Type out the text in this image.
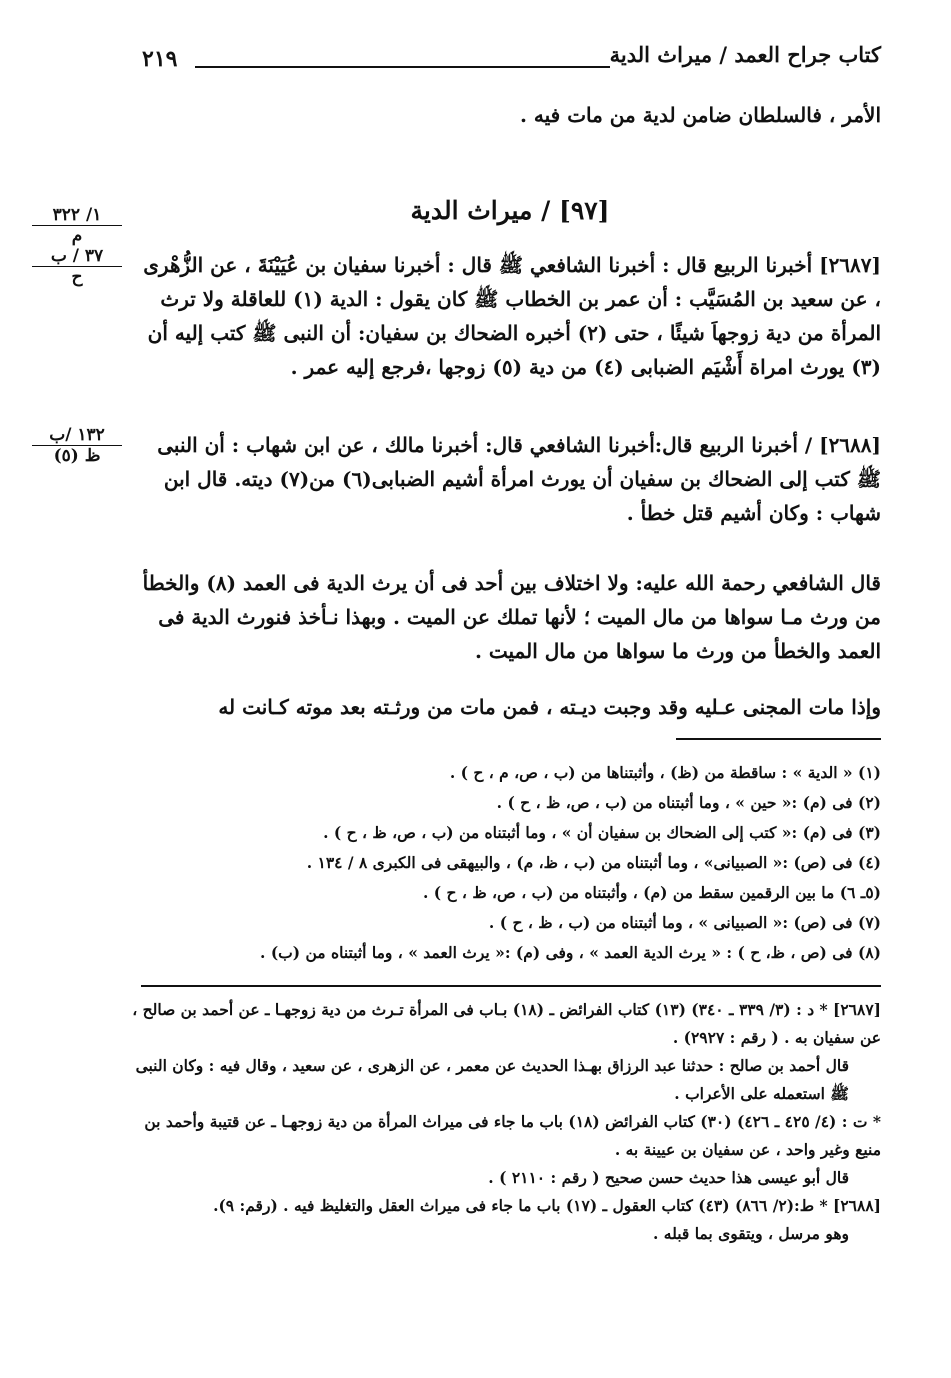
كتاب جراح العمد / ميراث الدية
٢١٩
الأمر ، فالسلطان ضامن لدية من مات فيه .
[٩٧] / ميراث الدية
١/ ٣٢٢
م
٣٧ / ب
ح
١٣٢ /ب
ظ (٥)

[٢٦٨٧] أخبرنا الربيع قال : أخبرنا الشافعي ﷺ قال : أخبرنا سفيان بن عُيَيْنَةَ ، عن الزُّهْرى ، عن سعيد بن المُسَيَّب : أن عمر بن الخطاب ﷺ كان يقول : الدية (١) للعاقلة ولا ترث المرأة من دية زوجهاَ شيئًا ، حتى (٢) أخبره الضحاك بن سفيان: أن النبى ﷺ كتب إليه أن (٣) يورث امراة أَشْيَم الضبابى (٤) من دية (٥) زوجها ،فرجع إليه عمر .

[٢٦٨٨] / أخبرنا الربيع قال:أخبرنا الشافعي قال: أخبرنا مالك ، عن ابن شهاب : أن النبى ﷺ كتب إلى الضحاك بن سفيان أن يورث امرأة أشيم الضبابى(٦) من(٧) ديته. قال ابن شهاب : وكان أشيم قتل خطأ .

قال الشافعي رحمة الله عليه: ولا اختلاف بين أحد فى أن يرث الدية فى العمد (٨) والخطأ من ورث مـا سواها من مال الميت ؛ لأنها تملك عن الميت . وبهذا نـأخذ فنورث الدية فى العمد والخطأ من ورث ما سواها من مال الميت .

وإذا مات المجنى عـليه وقد وجبت ديـته ، فمن مات من ورثـته بعد موته كـانت له

(١) « الدية » : ساقطة من (ظ) ، وأثبتناها من (ب ، ص، م ، ح ) .
(٢) فى (م) :« حين » ، وما أثبتناه من (ب ، ص، ظ ، ح ) .
(٣) فى (م) :« كتب إلى الضحاك بن سفيان أن » ، وما أثبتناه من (ب ، ص، ظ ، ح ) .
(٤) فى (ص) :« الصبيانى» ، وما أثبتناه من (ب ، ظ، م) ، والبيهقى فى الكبرى ٨ / ١٣٤ .
(٥ـ ٦) ما بين الرقمين سقط من (م) ، وأثبتناه من (ب ، ص، ظ ، ح ) .
(٧) فى (ص) :« الصبيانى » ، وما أثبتناه من (ب ، ظ ، ح ) .
(٨) فى (ص ، ظ، ح ) : « يرث الدية العمد » ، وفى (م) :« يرث العمد » ، وما أثبتناه من (ب) .
[٢٦٨٧] * د : (٣/ ٣٣٩ ـ ٣٤٠) (١٣) كتاب الفرائض ـ (١٨) بـاب فى المرأة تـرث من دية زوجهـا ـ عن أحمد بن صالح ، عن سفيان به . ( رقم : ٢٩٢٧) .
قال أحمد بن صالح : حدثنا عبد الرزاق بهـذا الحديث عن معمر ، عن الزهرى ، عن سعيد ، وقال فيه : وكان النبى ﷺ استعمله على الأعراب .
* ت : (٤/ ٤٢٥ ـ ٤٢٦) (٣٠) كتاب الفرائض (١٨) باب ما جاء فى ميراث المرأة من دية زوجهـا ـ عن قتيبة وأحمد بن منيع وغير واحد ، عن سفيان بن عيينة به .
قال أبو عيسى هذا حديث حسن صحيح ( رقم : ٢١١٠ ) .
[٢٦٨٨] * ط:(٢/ ٨٦٦) (٤٣) كتاب العقول ـ (١٧) باب ما جاء فى ميراث العقل والتغليظ فيه . (رقم: ٩).
وهو مرسل ، ويتقوى بما قبله .
